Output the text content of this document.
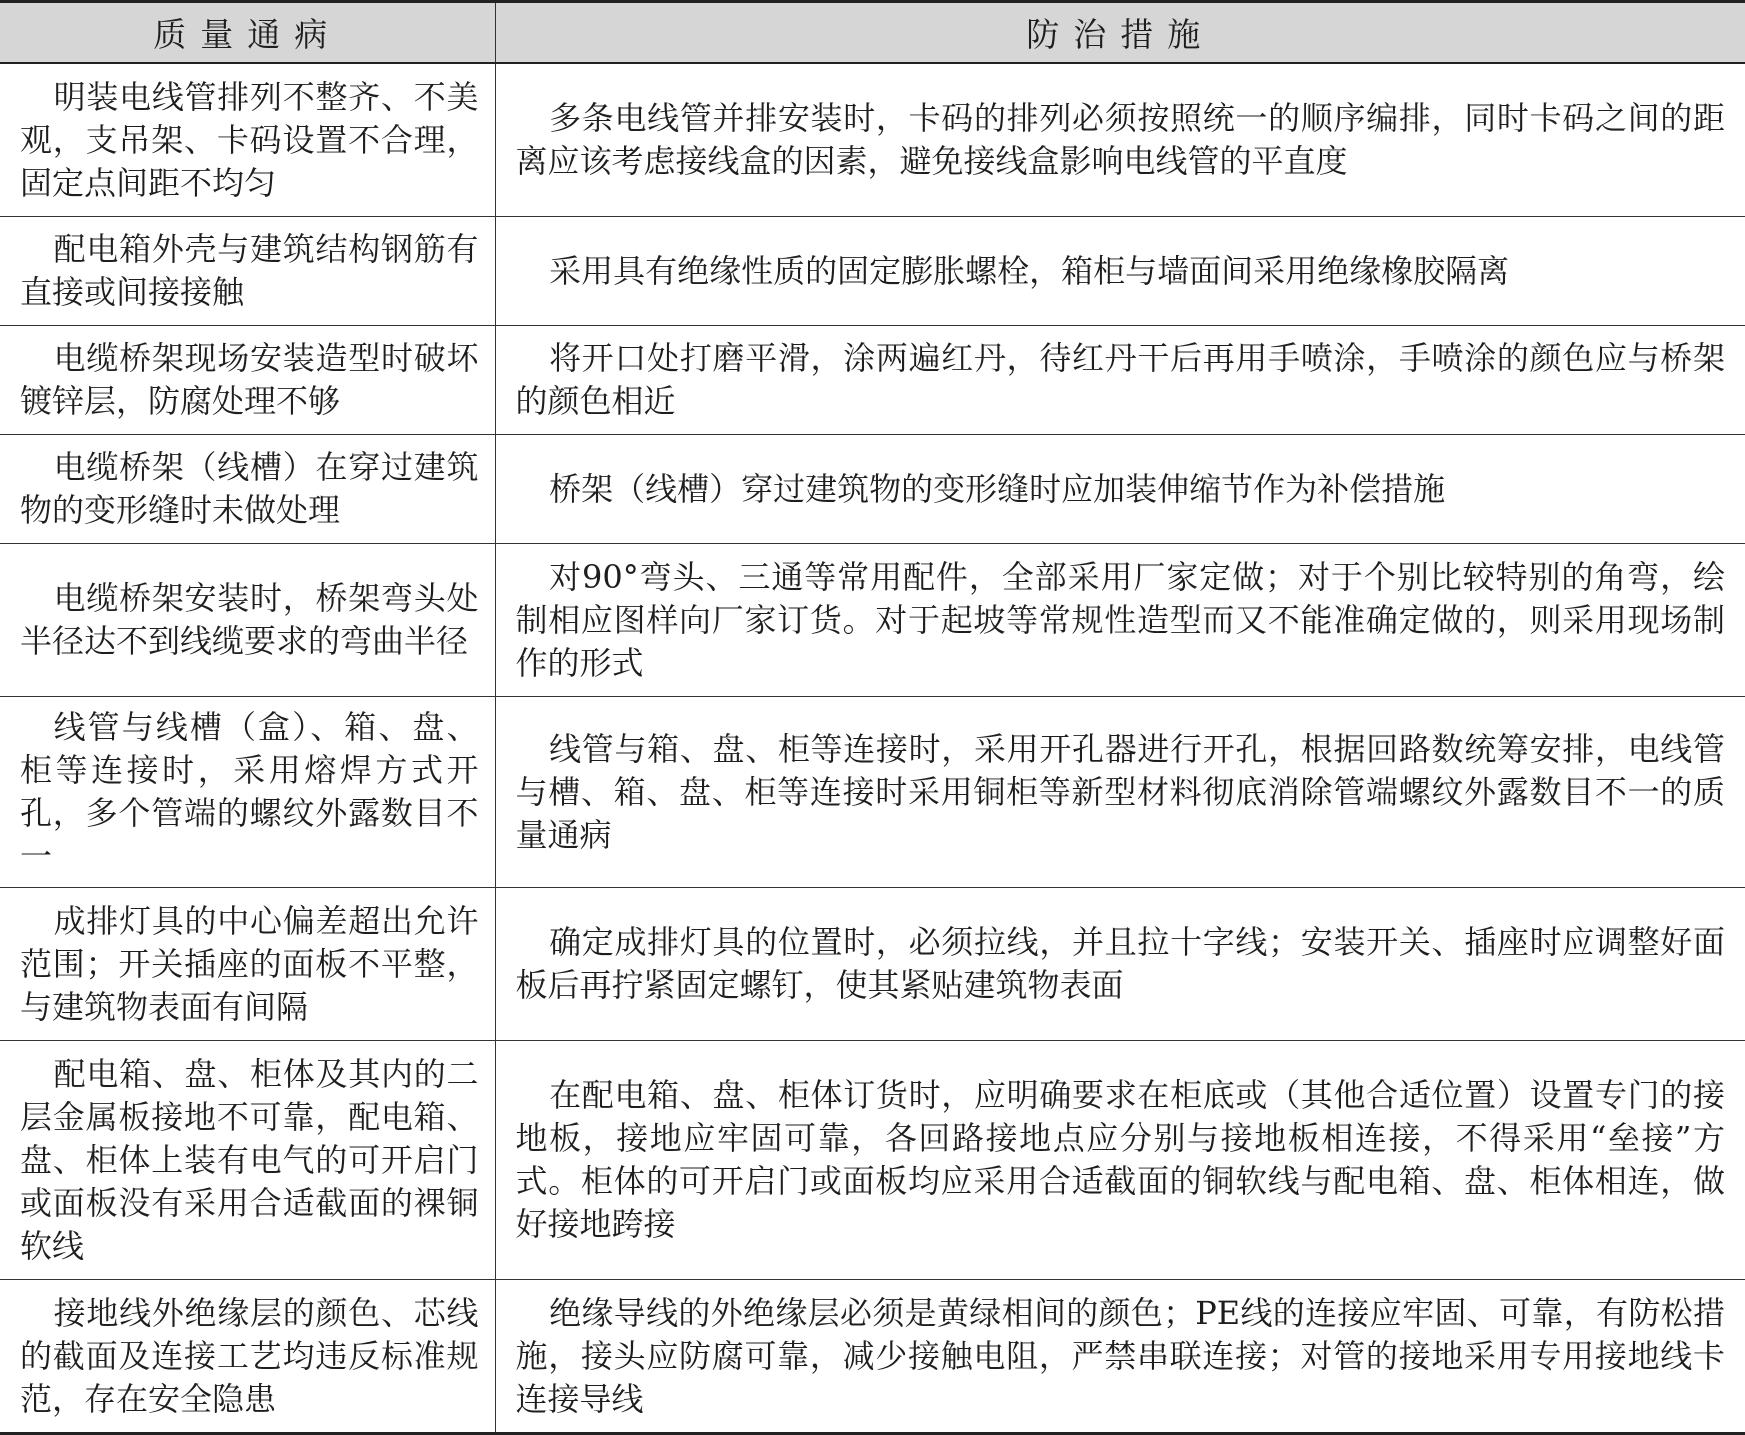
质量通病	防治措施
明装电线管排列不整齐、不美观，支吊架、卡码设置不合理，固定点间距不均匀	多条电线管并排安装时，卡码的排列必须按照统一的顺序编排，同时卡码之间的距离应该考虑接线盒的因素，避免接线盒影响电线管的平直度
配电箱外壳与建筑结构钢筋有直接或间接接触	采用具有绝缘性质的固定膨胀螺栓，箱柜与墙面间采用绝缘橡胶隔离
电缆桥架现场安装造型时破坏镀锌层，防腐处理不够	将开口处打磨平滑，涂两遍红丹，待红丹干后再用手喷涂，手喷涂的颜色应与桥架的颜色相近
电缆桥架（线槽）在穿过建筑物的变形缝时未做处理	桥架（线槽）穿过建筑物的变形缝时应加装伸缩节作为补偿措施
电缆桥架安装时，桥架弯头处半径达不到线缆要求的弯曲半径	对90°弯头、三通等常用配件，全部采用厂家定做；对于个别比较特别的角弯，绘制相应图样向厂家订货。对于起坡等常规性造型而又不能准确定做的，则采用现场制作的形式
线管与线槽（盒）、箱、盘、柜等连接时，采用熔焊方式开孔，多个管端的螺纹外露数目不一	线管与箱、盘、柜等连接时，采用开孔器进行开孔，根据回路数统筹安排，电线管与槽、箱、盘、柜等连接时采用铜柜等新型材料彻底消除管端螺纹外露数目不一的质量通病
成排灯具的中心偏差超出允许范围；开关插座的面板不平整，与建筑物表面有间隔	确定成排灯具的位置时，必须拉线，并且拉十字线；安装开关、插座时应调整好面板后再拧紧固定螺钉，使其紧贴建筑物表面
配电箱、盘、柜体及其内的二层金属板接地不可靠，配电箱、盘、柜体上装有电气的可开启门或面板没有采用合适截面的裸铜软线	在配电箱、盘、柜体订货时，应明确要求在柜底或（其他合适位置）设置专门的接地板，接地应牢固可靠，各回路接地点应分别与接地板相连接，不得采用“垒接”方式。柜体的可开启门或面板均应采用合适截面的铜软线与配电箱、盘、柜体相连，做好接地跨接
接地线外绝缘层的颜色、芯线的截面及连接工艺均违反标准规范，存在安全隐患	绝缘导线的外绝缘层必须是黄绿相间的颜色；PE线的连接应牢固、可靠，有防松措施，接头应防腐可靠，减少接触电阻，严禁串联连接；对管的接地采用专用接地线卡连接导线
